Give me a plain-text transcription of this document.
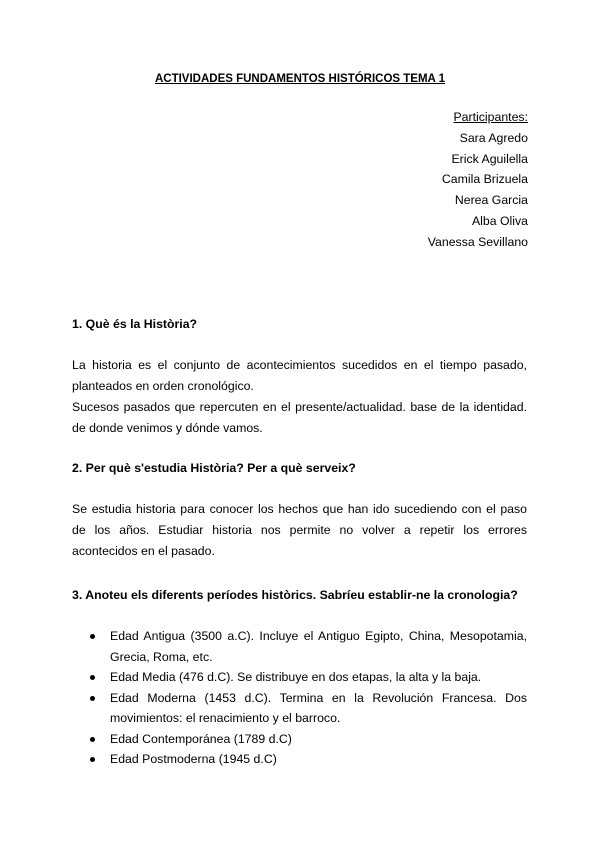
ACTIVIDADES FUNDAMENTOS HISTÓRICOS TEMA 1
Participantes:
Sara Agredo
Erick Aguilella
Camila Brizuela
Nerea Garcia
Alba Oliva
Vanessa Sevillano
1. Què és la Història?

La historia es el conjunto de acontecimientos sucedidos en el tiempo pasado, planteados en orden cronológico.

Sucesos pasados que repercuten en el presente/actualidad. base de la identidad. de donde venimos y dónde vamos.

2. Per què s'estudia Història? Per a què serveix?

Se estudia historia para conocer los hechos que han ido sucediendo con el paso de los años. Estudiar historia nos permite no volver a repetir los errores acontecidos en el pasado.

3. Anoteu els diferents períodes històrics. Sabríeu establir-ne la cronologia?
Edad Antigua (3500 a.C). Incluye el Antiguo Egipto, China, Mesopotamia, Grecia, Roma, etc.
Edad Media (476 d.C). Se distribuye en dos etapas, la alta y la baja.
Edad Moderna (1453 d.C). Termina en la Revolución Francesa. Dos movimientos: el renacimiento y el barroco.
Edad Contemporánea (1789 d.C)
Edad Postmoderna (1945 d.C)
